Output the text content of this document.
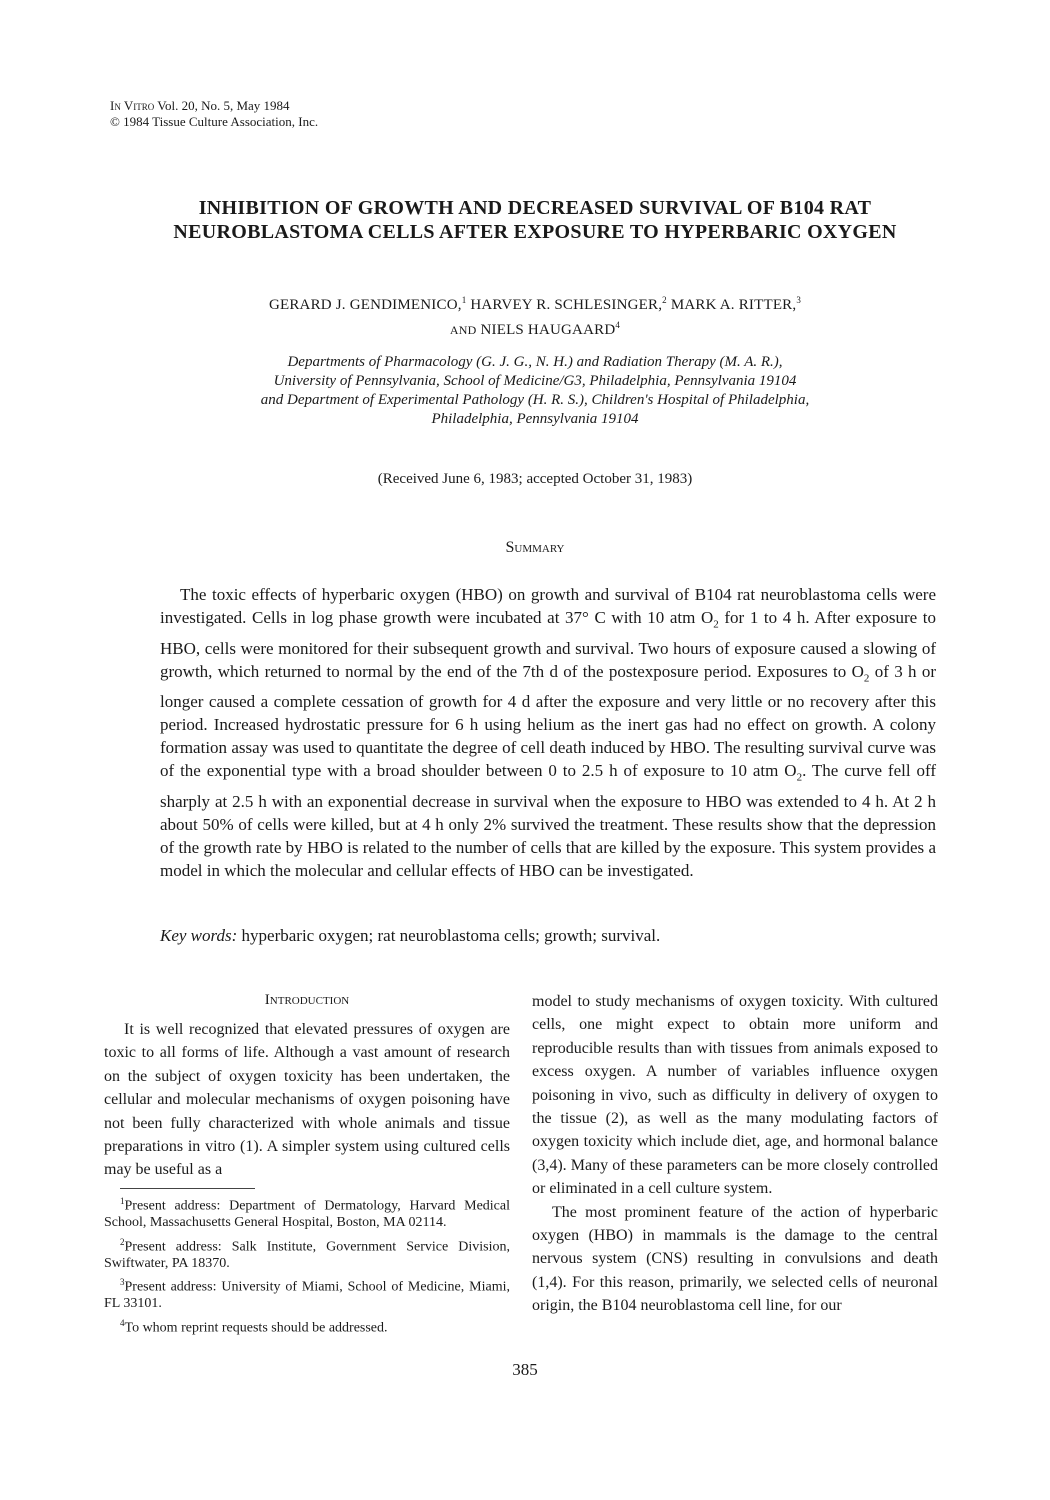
In Vitro Vol. 20, No. 5, May 1984
© 1984 Tissue Culture Association, Inc.
INHIBITION OF GROWTH AND DECREASED SURVIVAL OF B104 RAT NEUROBLASTOMA CELLS AFTER EXPOSURE TO HYPERBARIC OXYGEN
GERARD J. GENDIMENICO,$^1$ HARVEY R. SCHLESINGER,$^2$ MARK A. RITTER,$^3$
AND NIELS HAUGAARD$^4$
Departments of Pharmacology (G. J. G., N. H.) and Radiation Therapy (M. A. R.),
University of Pennsylvania, School of Medicine/G3, Philadelphia, Pennsylvania 19104
and Department of Experimental Pathology (H. R. S.), Children's Hospital of Philadelphia,
Philadelphia, Pennsylvania 19104
(Received June 6, 1983; accepted October 31, 1983)
Summary

The toxic effects of hyperbaric oxygen (HBO) on growth and survival of B104 rat neuroblastoma cells were investigated. Cells in log phase growth were incubated at 37° C with 10 atm $O_2$ for 1 to 4 h. After exposure to HBO, cells were monitored for their subsequent growth and survival. Two hours of exposure caused a slowing of growth, which returned to normal by the end of the 7th d of the postexposure period. Exposures to $O_2$ of 3 h or longer caused a complete cessation of growth for 4 d after the exposure and very little or no recovery after this period. Increased hydrostatic pressure for 6 h using helium as the inert gas had no effect on growth. A colony formation assay was used to quantitate the degree of cell death induced by HBO. The resulting survival curve was of the exponential type with a broad shoulder between 0 to 2.5 h of exposure to 10 atm $O_2$. The curve fell off sharply at 2.5 h with an exponential decrease in survival when the exposure to HBO was extended to 4 h. At 2 h about 50% of cells were killed, but at 4 h only 2% survived the treatment. These results show that the depression of the growth rate by HBO is related to the number of cells that are killed by the exposure. This system provides a model in which the molecular and cellular effects of HBO can be investigated.

Key words: hyperbaric oxygen; rat neuroblastoma cells; growth; survival.
Introduction

It is well recognized that elevated pressures of oxygen are toxic to all forms of life. Although a vast amount of research on the subject of oxygen toxicity has been undertaken, the cellular and molecular mechanisms of oxygen poisoning have not been fully characterized with whole animals and tissue preparations in vitro (1). A simpler system using cultured cells may be useful as a

$^1$Present address: Department of Dermatology, Harvard Medical School, Massachusetts General Hospital, Boston, MA 02114.

$^2$Present address: Salk Institute, Government Service Division, Swiftwater, PA 18370.

$^3$Present address: University of Miami, School of Medicine, Miami, FL 33101.

$^4$To whom reprint requests should be addressed.

model to study mechanisms of oxygen toxicity. With cultured cells, one might expect to obtain more uniform and reproducible results than with tissues from animals exposed to excess oxygen. A number of variables influence oxygen poisoning in vivo, such as difficulty in delivery of oxygen to the tissue (2), as well as the many modulating factors of oxygen toxicity which include diet, age, and hormonal balance (3,4). Many of these parameters can be more closely controlled or eliminated in a cell culture system.

The most prominent feature of the action of hyperbaric oxygen (HBO) in mammals is the damage to the central nervous system (CNS) resulting in convulsions and death (1,4). For this reason, primarily, we selected cells of neuronal origin, the B104 neuroblastoma cell line, for our

385
